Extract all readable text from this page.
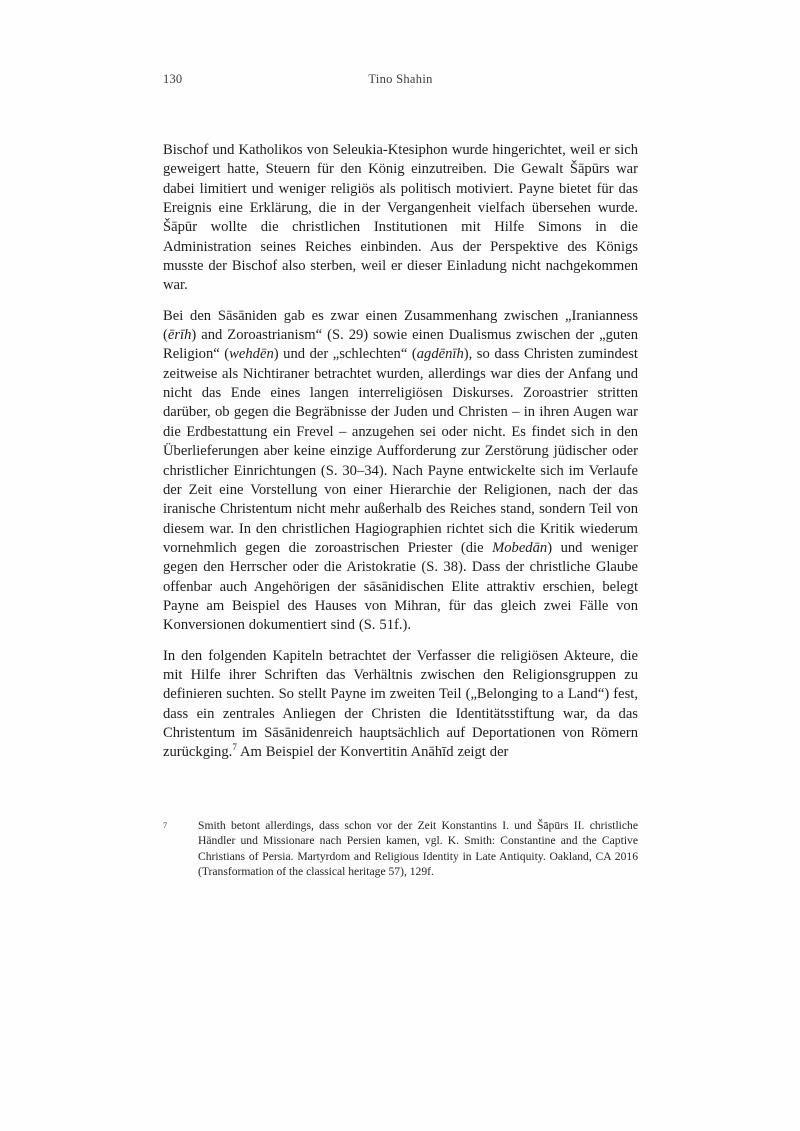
130	Tino Shahin

Bischof und Katholikos von Seleukia-Ktesiphon wurde hingerichtet, weil er sich geweigert hatte, Steuern für den König einzutreiben. Die Gewalt Šāpūrs war dabei limitiert und weniger religiös als politisch motiviert. Payne bietet für das Ereignis eine Erklärung, die in der Vergangenheit vielfach übersehen wurde. Šāpūr wollte die christlichen Institutionen mit Hilfe Simons in die Administration seines Reiches einbinden. Aus der Perspektive des Königs musste der Bischof also sterben, weil er dieser Einladung nicht nachgekommen war.

Bei den Sāsāniden gab es zwar einen Zusammenhang zwischen „Iranianness (ērīh) and Zoroastrianism“ (S. 29) sowie einen Dualismus zwischen der „guten Religion“ (wehdēn) und der „schlechten“ (agdēnīh), so dass Christen zumindest zeitweise als Nichtiraner betrachtet wurden, allerdings war dies der Anfang und nicht das Ende eines langen interreligiösen Diskurses. Zoroastrier stritten darüber, ob gegen die Begräbnisse der Juden und Christen – in ihren Augen war die Erdbestattung ein Frevel – anzugehen sei oder nicht. Es findet sich in den Überlieferungen aber keine einzige Aufforderung zur Zerstörung jüdischer oder christlicher Einrichtungen (S. 30–34). Nach Payne entwickelte sich im Verlaufe der Zeit eine Vorstellung von einer Hierarchie der Religionen, nach der das iranische Christentum nicht mehr außerhalb des Reiches stand, sondern Teil von diesem war. In den christlichen Hagiographien richtet sich die Kritik wiederum vornehmlich gegen die zoroastrischen Priester (die Mobedān) und weniger gegen den Herrscher oder die Aristokratie (S. 38). Dass der christliche Glaube offenbar auch Angehörigen der sāsānidischen Elite attraktiv erschien, belegt Payne am Beispiel des Hauses von Mihran, für das gleich zwei Fälle von Konversionen dokumentiert sind (S. 51f.).

In den folgenden Kapiteln betrachtet der Verfasser die religiösen Akteure, die mit Hilfe ihrer Schriften das Verhältnis zwischen den Religionsgruppen zu definieren suchten. So stellt Payne im zweiten Teil („Belonging to a Land“) fest, dass ein zentrales Anliegen der Christen die Identitätsstiftung war, da das Christentum im Sāsānidenreich hauptsächlich auf Deportationen von Römern zurückging.$^7$ Am Beispiel der Konvertitin Anāhīd zeigt der

7	Smith betont allerdings, dass schon vor der Zeit Konstantins I. und Šāpūrs II. christliche Händler und Missionare nach Persien kamen, vgl. K. Smith: Constantine and the Captive Christians of Persia. Martyrdom and Religious Identity in Late Antiquity. Oakland, CA 2016 (Transformation of the classical heritage 57), 129f.
